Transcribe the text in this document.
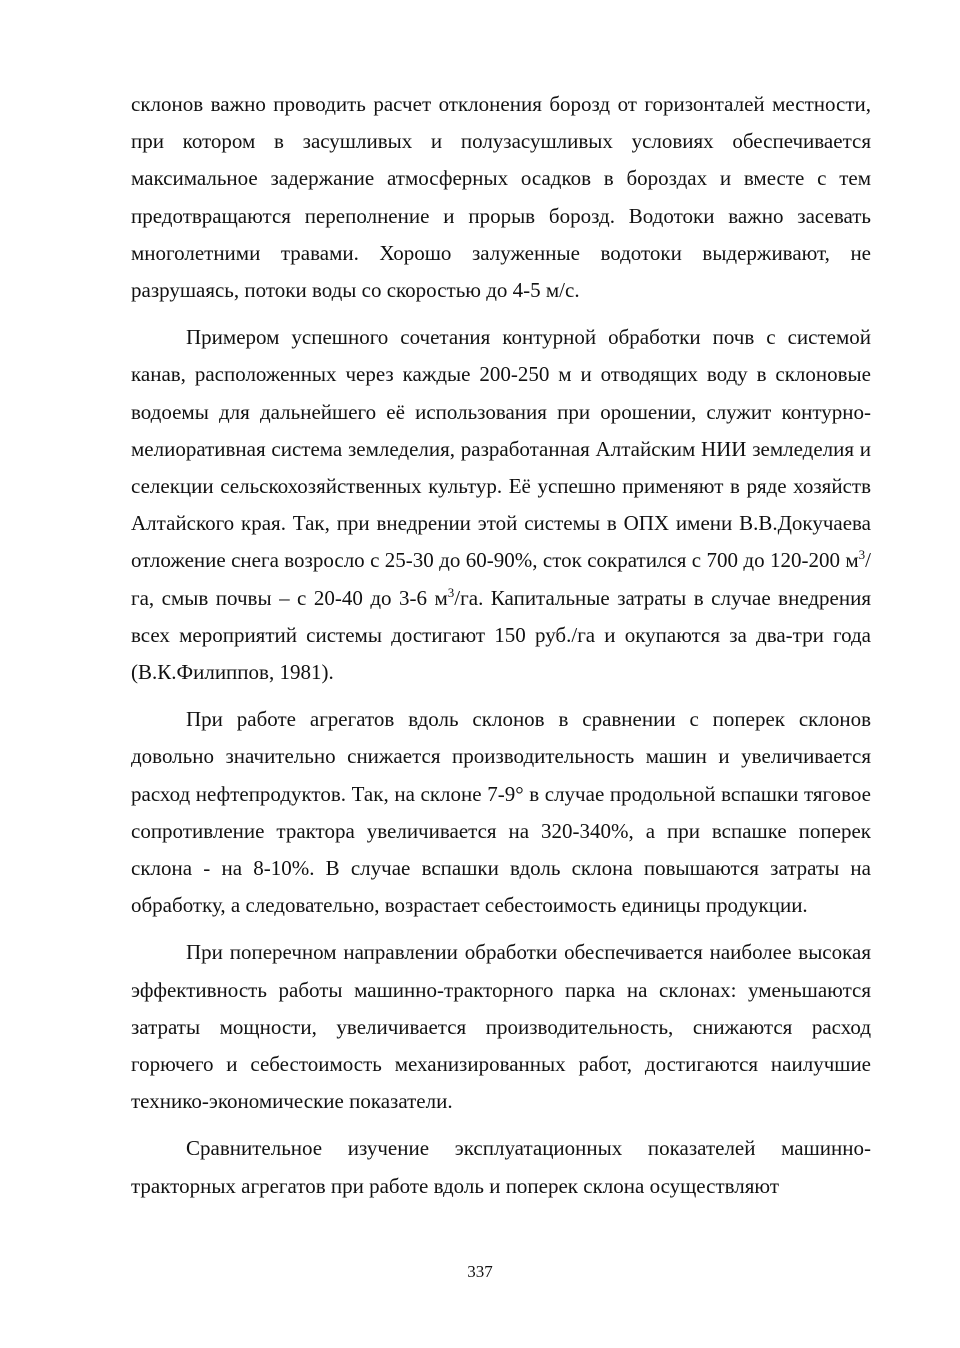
склонов важно проводить расчет отклонения борозд от горизонталей местности, при котором в засушливых и полузасушливых условиях обеспечивается максимальное задержание атмосферных осадков в бороздах и вместе с тем предотвращаются переполнение и прорыв борозд. Водотоки важно засевать многолетними травами. Хорошо залуженные водотоки выдерживают, не разрушаясь, потоки воды со скоростью до 4-5 м/с.

Примером успешного сочетания контурной обработки почв с системой канав, расположенных через каждые 200-250 м и отводящих воду в склоновые водоемы для дальнейшего её использования при орошении, служит контурно-мелиоративная система земледелия, разработанная Алтайским НИИ земледелия и селекции сельскохозяйственных культур. Её успешно применяют в ряде хозяйств Алтайского края. Так, при внедрении этой системы в ОПХ имени В.В.Докучаева отложение снега возросло с 25-30 до 60-90%, сток сократился с 700 до 120-200 $м^3/га$, смыв почвы – с 20-40 до 3-6 $м^3/га$. Капитальные затраты в случае внедрения всех мероприятий системы достигают 150 руб./га и окупаются за два-три года (В.К.Филиппов, 1981).

При работе агрегатов вдоль склонов в сравнении с поперек склонов довольно значительно снижается производительность машин и увеличивается расход нефтепродуктов. Так, на склоне 7-9° в случае продольной вспашки тяговое сопротивление трактора увеличивается на 320-340%, а при вспашке поперек склона - на 8-10%. В случае вспашки вдоль склона повышаются затраты на обработку, а следовательно, возрастает себестоимость единицы продукции.

При поперечном направлении обработки обеспечивается наиболее высокая эффективность работы машинно-тракторного парка на склонах: уменьшаются затраты мощности, увеличивается производительность, снижаются расход горючего и себестоимость механизированных работ, достигаются наилучшие технико-экономические показатели.

Сравнительное изучение эксплуатационных показателей машинно-тракторных агрегатов при работе вдоль и поперек склона осуществляют

337
